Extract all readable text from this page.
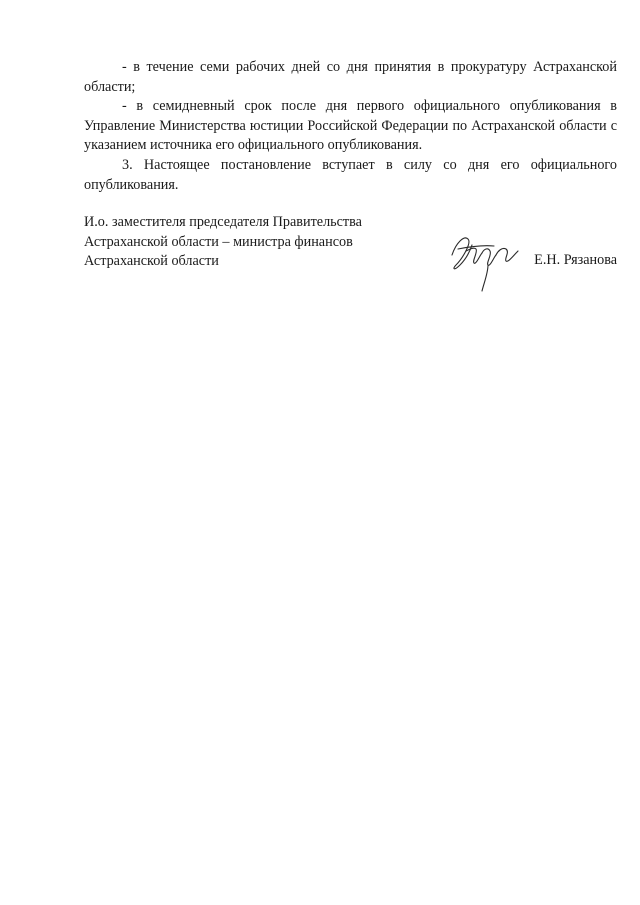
- в течение семи рабочих дней со дня принятия в прокуратуру Астраханской области;

- в семидневный срок после дня первого официального опубликования в Управление Министерства юстиции Российской Федерации по Астраханской области с указанием источника его официального опубликования.

3. Настоящее постановление вступает в силу со дня его официального опубликования.

И.о. заместителя председателя Правительства
Астраханской области – министра финансов
Астраханской области	Е.Н. Рязанова
